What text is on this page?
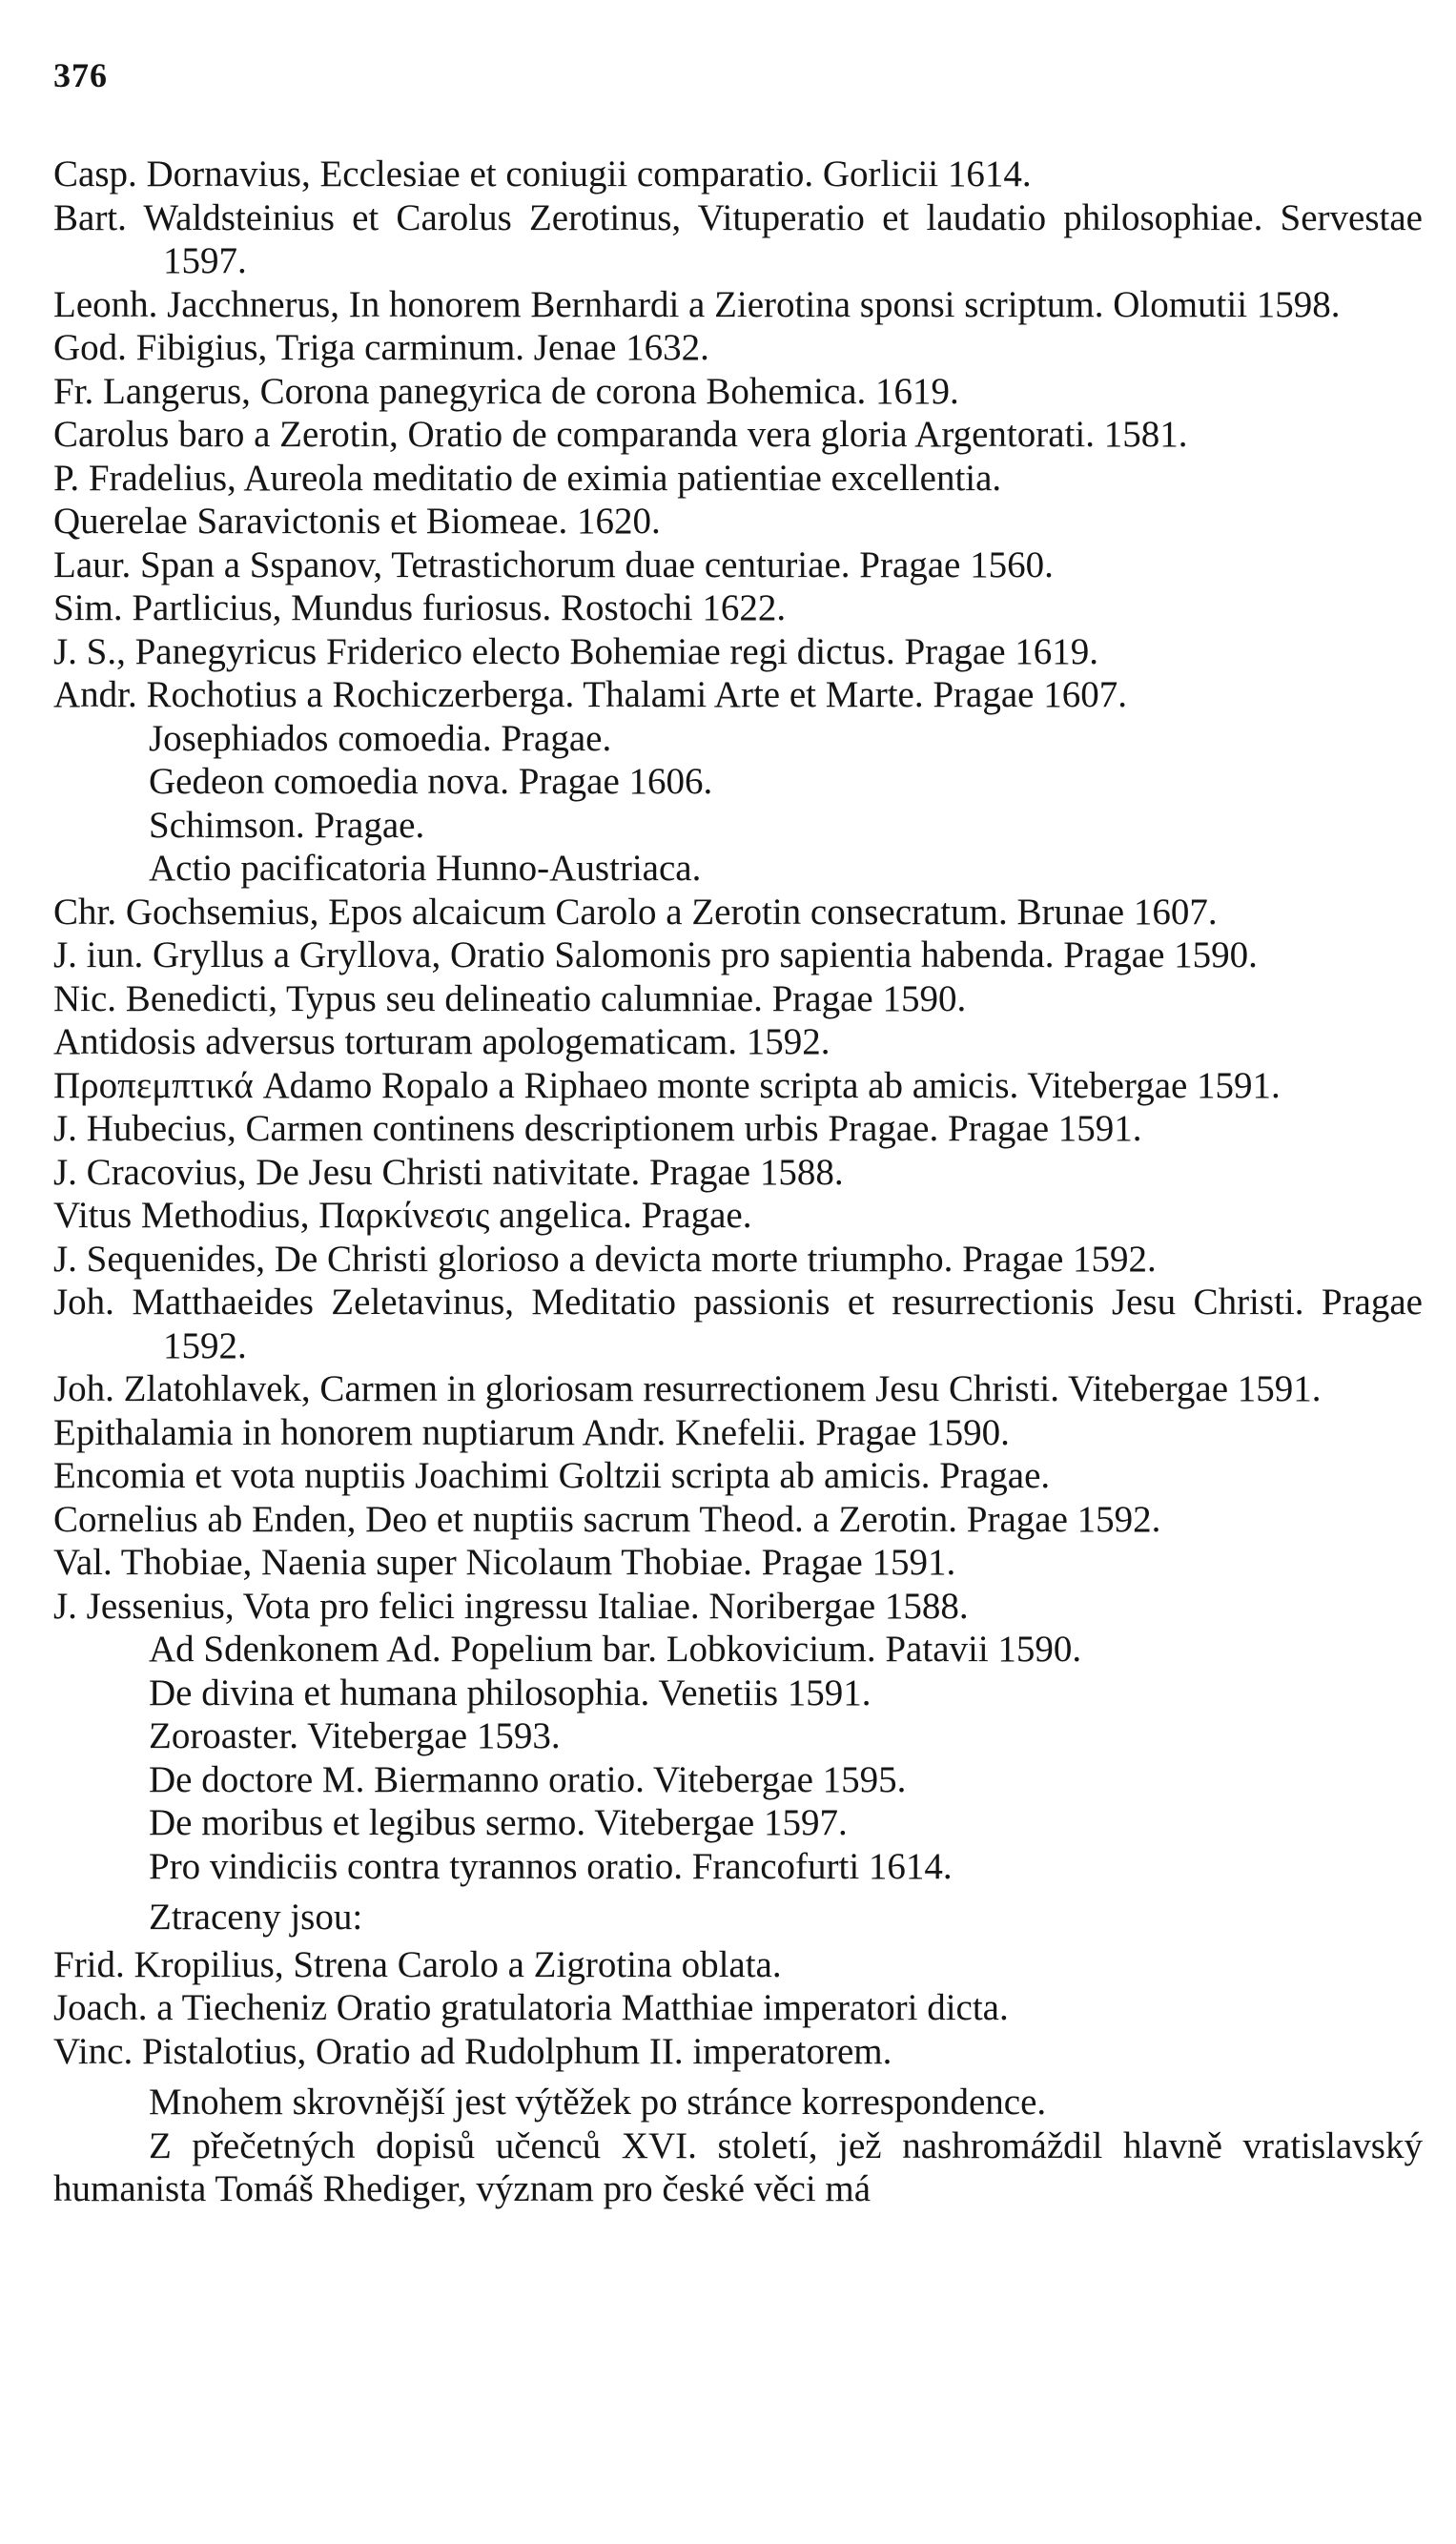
376
Casp. Dornavius, Ecclesiae et coniugii comparatio. Gorlicii 1614.
Bart. Waldsteinius et Carolus Zerotinus, Vituperatio et laudatio philosophiae. Servestae 1597.
Leonh. Jacchnerus, In honorem Bernhardi a Zierotina sponsi scriptum. Olomutii 1598.
God. Fibigius, Triga carminum. Jenae 1632.
Fr. Langerus, Corona panegyrica de corona Bohemica. 1619.
Carolus baro a Zerotin, Oratio de comparanda vera gloria Argentorati. 1581.
P. Fradelius, Aureola meditatio de eximia patientiae excellentia.
Querelae Saravictonis et Biomeae. 1620.
Laur. Span a Sspanov, Tetrastichorum duae centuriae. Pragae 1560.
Sim. Partlicius, Mundus furiosus. Rostochi 1622.
J. S., Panegyricus Friderico electo Bohemiae regi dictus. Pragae 1619.
Andr. Rochotius a Rochiczerberga. Thalami Arte et Marte. Pragae 1607.
Josephiados comoedia. Pragae.
Gedeon comoedia nova. Pragae 1606.
Schimson. Pragae.
Actio pacificatoria Hunno-Austriaca.
Chr. Gochsemius, Epos alcaicum Carolo a Zerotin consecratum. Brunae 1607.
J. iun. Gryllus a Gryllova, Oratio Salomonis pro sapientia habenda. Pragae 1590.
Nic. Benedicti, Typus seu delineatio calumniae. Pragae 1590.
Antidosis adversus torturam apologematicam. 1592.
Προπεμπτικά Adamo Ropalo a Riphaeo monte scripta ab amicis. Vitebergae 1591.
J. Hubecius, Carmen continens descriptionem urbis Pragae. Pragae 1591.
J. Cracovius, De Jesu Christi nativitate. Pragae 1588.
Vitus Methodius, Παρκίνεσις angelica. Pragae.
J. Sequenides, De Christi glorioso a devicta morte triumpho. Pragae 1592.
Joh. Matthaeides Zeletavinus, Meditatio passionis et resurrectionis Jesu Christi. Pragae 1592.
Joh. Zlatohlavek, Carmen in gloriosam resurrectionem Jesu Christi. Vitebergae 1591.
Epithalamia in honorem nuptiarum Andr. Knefelii. Pragae 1590.
Encomia et vota nuptiis Joachimi Goltzii scripta ab amicis. Pragae.
Cornelius ab Enden, Deo et nuptiis sacrum Theod. a Zerotin. Pragae 1592.
Val. Thobiae, Naenia super Nicolaum Thobiae. Pragae 1591.
J. Jessenius, Vota pro felici ingressu Italiae. Noribergae 1588.
Ad Sdenkonem Ad. Popelium bar. Lobkovicium. Patavii 1590.
De divina et humana philosophia. Venetiis 1591.
Zoroaster. Vitebergae 1593.
De doctore M. Biermanno oratio. Vitebergae 1595.
De moribus et legibus sermo. Vitebergae 1597.
Pro vindiciis contra tyrannos oratio. Francofurti 1614.
Ztraceny jsou:
Frid. Kropilius, Strena Carolo a Zigrotina oblata.
Joach. a Tiecheniz Oratio gratulatoria Matthiae imperatori dicta.
Vinc. Pistalotius, Oratio ad Rudolphum II. imperatorem.
Mnohem skrovnější jest výtěžek po stránce korrespondence.
Z přečetných dopisů učenců XVI. století, jež nashromáždil hlavně vratislavský humanista Tomáš Rhediger, význam pro české věci má
